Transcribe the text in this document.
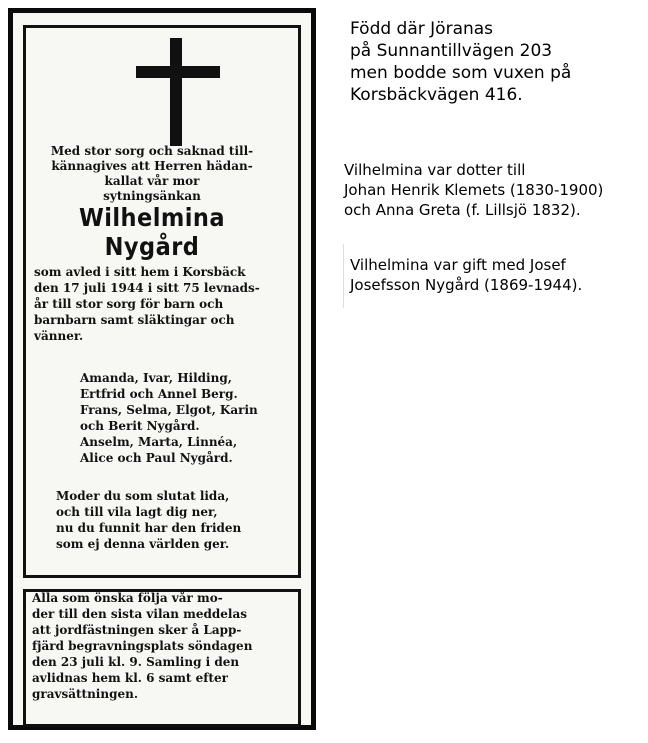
Med stor sorg och saknad till-
kännagives att Herren hädan-
kallat vår mor
sytningsänkan

Wilhelmina Nygård

som avled i sitt hem i Korsbäck
den 17 juli 1944 i sitt 75 levnads-
år till stor sorg för barn och
barnbarn samt släktingar och
vänner.

Amanda, Ivar, Hilding,
Ertfrid och Annel Berg.
Frans, Selma, Elgot, Karin
och Berit Nygård.
Anselm, Marta, Linnéa,
Alice och Paul Nygård.

Moder du som slutat lida,
och till vila lagt dig ner,
nu du funnit har den friden
som ej denna världen ger.

Alla som önska följa vår mo-
der till den sista vilan meddelas
att jordfästningen sker å Lapp-
fjärd begravningsplats söndagen
den 23 juli kl. 9. Samling i den
avlidnas hem kl. 6 samt efter
gravsättningen.

Född där Jöranas
på Sunnantillvägen 203
men bodde som vuxen på
Korsbäckvägen 416.

Vilhelmina var dotter till
Johan Henrik Klemets (1830-1900)
och Anna Greta (f. Lillsjö 1832).

Vilhelmina var gift med Josef
Josefsson Nygård (1869-1944).
